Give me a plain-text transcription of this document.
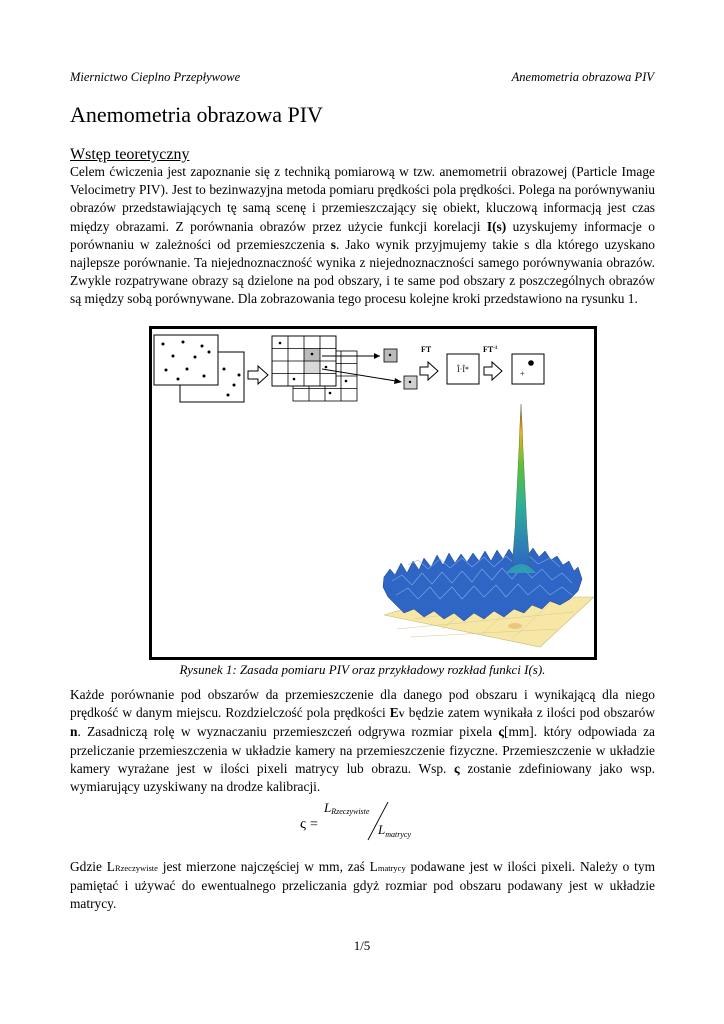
Miernictwo Cieplno Przepływowe	Anemometria obrazowa PIV
Anemometria obrazowa PIV
Wstęp teoretyczny

Celem ćwiczenia jest zapoznanie się z techniką pomiarową w tzw. anemometrii obrazowej (Particle Image Velocimetry PIV). Jest to bezinwazyjna metoda pomiaru prędkości pola prędkości. Polega na porównywaniu obrazów przedstawiających tę samą scenę i przemieszczający się obiekt, kluczową informacją jest czas między obrazami. Z porównania obrazów przez użycie funkcji korelacji I(s) uzyskujemy informacje o porównaniu w zależności od przemieszczenia s. Jako wynik przyjmujemy takie s dla którego uzyskano najlepsze porównanie. Ta niejednoznaczność wynika z niejednoznaczności samego porównywania obrazów. Zwykle rozpatrywane obrazy są dzielone na pod obszary, i te same pod obszary z poszczególnych obrazów są między sobą porównywane. Dla zobrazowania tego procesu kolejne kroki przedstawiono na rysunku 1.

FT
Î·Î*
$FT^{-1}$
+
Rysunek 1: Zasada pomiaru PIV oraz przykładowy rozkład funkci I(s).

Każde porównanie pod obszarów da przemieszczenie dla danego pod obszaru i wynikającą dla niego prędkość w danym miejscu. Rozdzielczość pola prędkości EV będzie zatem wynikała z ilości pod obszarów n. Zasadniczą rolę w wyznaczaniu przemieszczeń odgrywa rozmiar pixela ς[mm]. który odpowiada za przeliczanie przemieszczenia w układzie kamery na przemieszczenie fizyczne. Przemieszczenie w układzie kamery wyrażane jest w ilości pixeli matrycy lub obrazu. Wsp. ς zostanie zdefiniowany jako wsp. wymiarujący uzyskiwany na drodze kalibracji.

ς =
LRzeczywiste
$L_{matrycy}$

Gdzie LRzeczywiste jest mierzone najczęściej w mm, zaś Lmatrycy podawane jest w ilości pixeli. Należy o tym pamiętać i używać do ewentualnego przeliczania gdyż rozmiar pod obszaru podawany jest w układzie matrycy.

1/5
